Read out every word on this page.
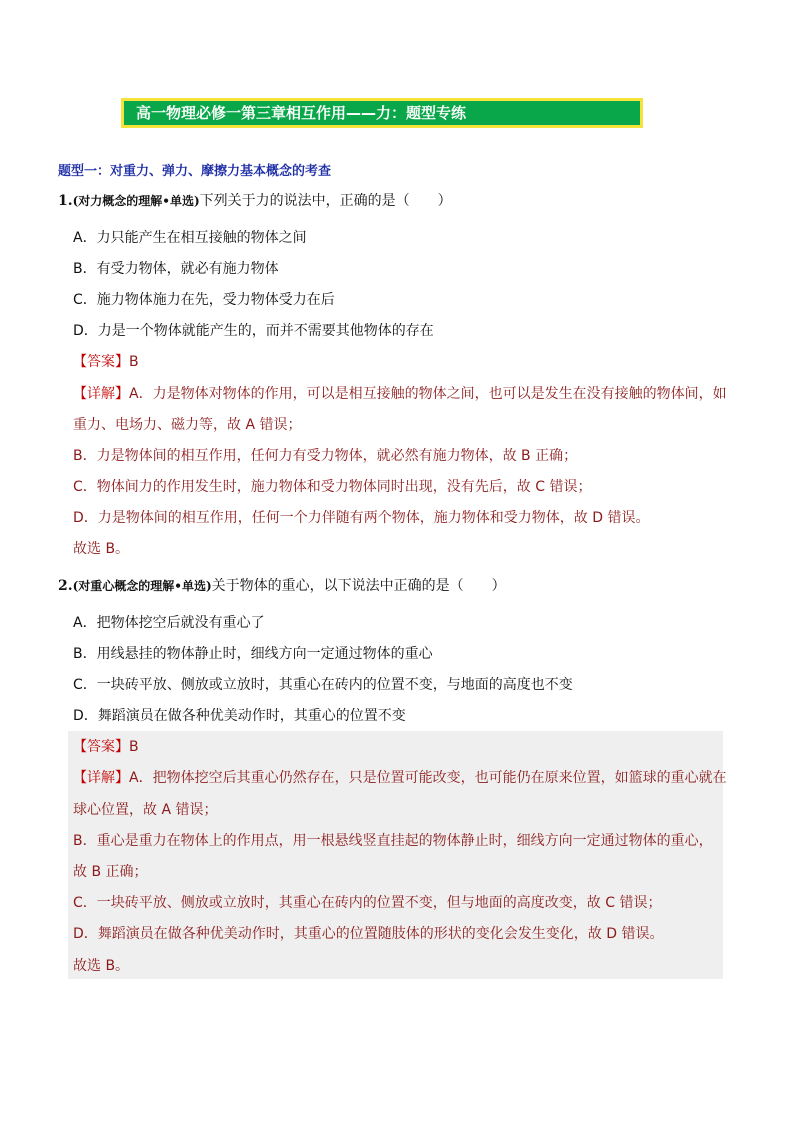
高一物理必修一第三章相互作用——力：题型专练
题型一：对重力、弹力、摩擦力基本概念的考查
1.(对力概念的理解•单选)下列关于力的说法中，正确的是（　　）
A．力只能产生在相互接触的物体之间
B．有受力物体，就必有施力物体
C．施力物体施力在先，受力物体受力在后
D．力是一个物体就能产生的，而并不需要其他物体的存在
【答案】B
【详解】A．力是物体对物体的作用，可以是相互接触的物体之间，也可以是发生在没有接触的物体间，如
重力、电场力、磁力等，故 A 错误；
B．力是物体间的相互作用，任何力有受力物体，就必然有施力物体，故 B 正确；
C．物体间力的作用发生时，施力物体和受力物体同时出现，没有先后，故 C 错误；
D．力是物体间的相互作用，任何一个力伴随有两个物体，施力物体和受力物体，故 D 错误。
故选 B。
2.(对重心概念的理解•单选)关于物体的重心，以下说法中正确的是（　　）
A．把物体挖空后就没有重心了
B．用线悬挂的物体静止时，细线方向一定通过物体的重心
C．一块砖平放、侧放或立放时，其重心在砖内的位置不变，与地面的高度也不变
D．舞蹈演员在做各种优美动作时，其重心的位置不变
【答案】B
【详解】A．把物体挖空后其重心仍然存在，只是位置可能改变，也可能仍在原来位置，如篮球的重心就在
球心位置，故 A 错误；
B．重心是重力在物体上的作用点，用一根悬线竖直挂起的物体静止时，细线方向一定通过物体的重心，
故 B 正确；
C．一块砖平放、侧放或立放时，其重心在砖内的位置不变，但与地面的高度改变，故 C 错误；
D．舞蹈演员在做各种优美动作时，其重心的位置随肢体的形状的变化会发生变化，故 D 错误。
故选 B。
